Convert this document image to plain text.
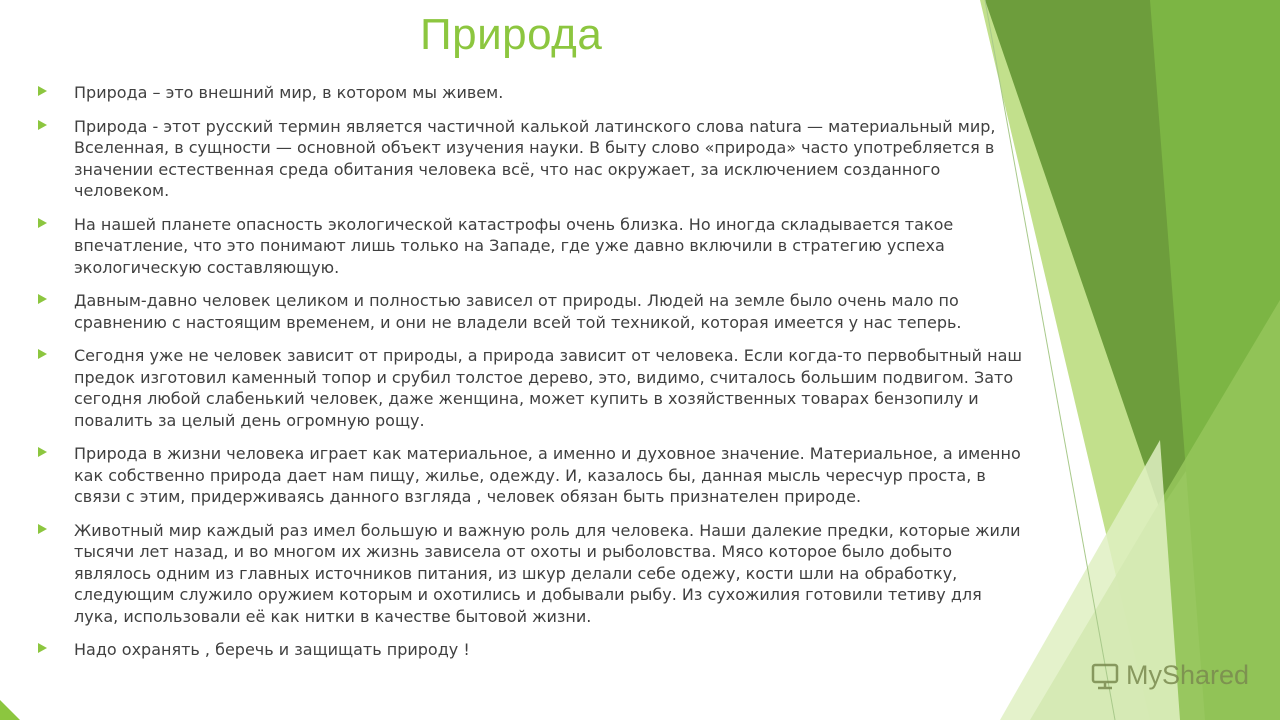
Природа
Природа – это внешний мир, в котором мы живем.
Природа - этот русский термин является частичной калькой латинского слова natura — материальный мир, Вселенная, в сущности — основной объект изучения науки. В быту слово «природа» часто употребляется в значении естественная среда обитания человека всё, что нас окружает, за исключением созданного человеком.
На нашей планете опасность экологической катастрофы очень близка. Но иногда складывается такое впечатление, что это понимают лишь только на Западе, где уже давно включили в стратегию успеха экологическую составляющую.
Давным-давно человек целиком и полностью зависел от природы. Людей на земле было очень мало по сравнению с настоящим временем, и они не владели всей той техникой, которая имеется у нас теперь.
Сегодня уже не человек зависит от природы, а природа зависит от человека. Если когда-то первобытный наш предок изготовил каменный топор и срубил толстое дерево, это, видимо, считалось большим подвигом. Зато сегодня любой слабенький человек, даже женщина, может купить в хозяйственных товарах бензопилу и повалить за целый день огромную рощу.
Природа в жизни человека играет как материальное, а именно и духовное значение. Материальное, а именно как собственно природа дает нам пищу, жилье, одежду. И, казалось бы, данная мысль чересчур проста, в связи с этим, придерживаясь данного взгляда , человек обязан быть признателен природе.
Животный мир каждый раз имел большую и важную роль для человека. Наши далекие предки, которые жили тысячи лет назад, и во многом их жизнь зависела от охоты и рыболовства. Мясо которое было добыто являлось одним из главных источников питания, из шкур делали себе одежу, кости шли на обработку, следующим служило оружием которым и охотились и добывали рыбу. Из сухожилия готовили тетиву для лука, использовали её как нитки в качестве бытовой жизни.
Надо охранять , беречь и защищать природу !
MyShared
